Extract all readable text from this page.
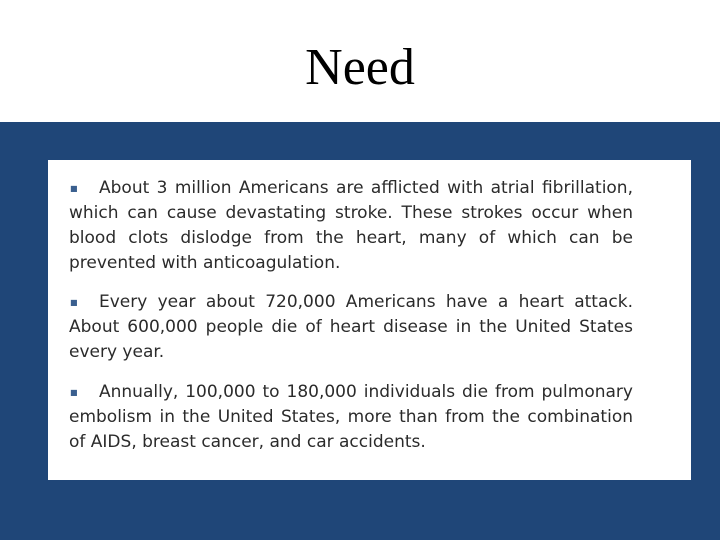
Need
■ About 3 million Americans are afflicted with atrial fibrillation, which can cause devastating stroke. These strokes occur when blood clots dislodge from the heart, many of which can be prevented with anticoagulation.
■ Every year about 720,000 Americans have a heart attack. About 600,000 people die of heart disease in the United States every year.
■ Annually, 100,000 to 180,000 individuals die from pulmonary embolism in the United States, more than from the combination of AIDS, breast cancer, and car accidents.
